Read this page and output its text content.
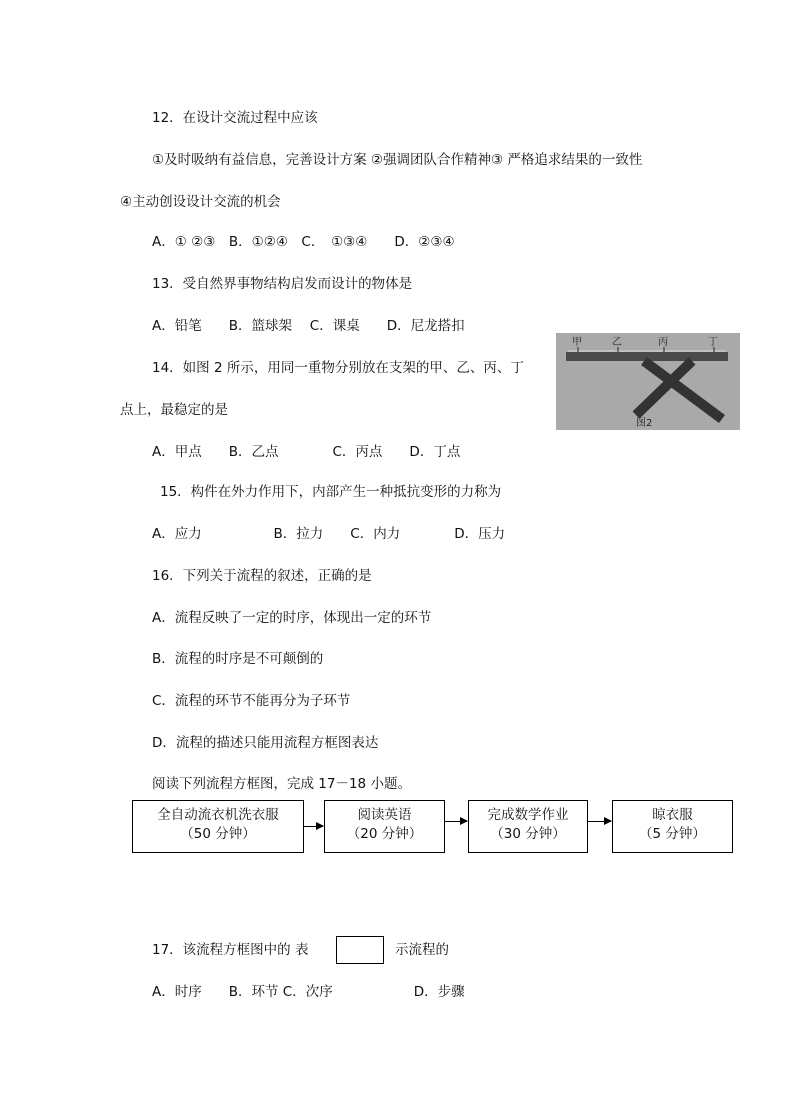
12．在设计交流过程中应该
①及时吸纳有益信息，完善设计方案 ②强调团队合作精神③ 严格追求结果的一致性
④主动创设设计交流的机会
A．① ②③　B．①②④　C．　①③④　　D．②③④
13．受自然界事物结构启发而设计的物体是
A．铅笔　　B．篮球架　 C．课桌　　D．尼龙搭扣
14．如图 2 所示，用同一重物分别放在支架的甲、乙、丙、丁
点上，最稳定的是
甲	乙	丙	丁
图2
A．甲点　　B．乙点　　　　C．丙点　　D．丁点
15．构件在外力作用下，内部产生一种抵抗变形的力称为
A．应力　　　　　 B．拉力　　C．内力　　　　D．压力
16．下列关于流程的叙述，正确的是
A．流程反映了一定的时序，体现出一定的环节
B．流程的时序是不可颠倒的
C．流程的环节不能再分为子环节
D．流程的描述只能用流程方框图表达
阅读下列流程方框图，完成 17－18 小题。
全自动流衣机洗衣服
（50 分钟）
阅读英语
（20 分钟）
完成数学作业
（30 分钟）
晾衣服
（5 分钟）
17．该流程方框图中的 表	示流程的
A．时序　　B．环节 C．次序　　　　　　D．步骤
